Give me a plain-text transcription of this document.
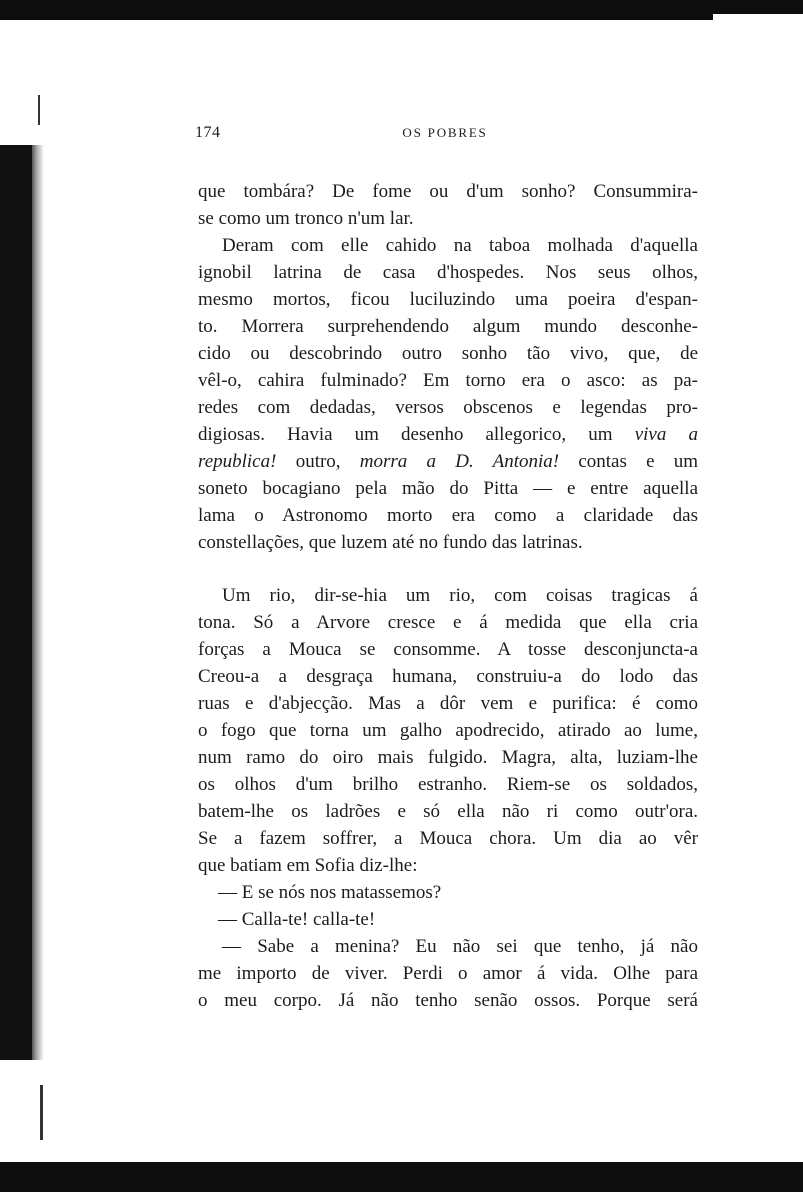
174	OS POBRES
que tombára? De fome ou d'um sonho? Consummira-
se como um tronco n'um lar.
Deram com elle cahido na taboa molhada d'aquella
ignobil latrina de casa d'hospedes. Nos seus olhos,
mesmo mortos, ficou luciluzindo uma poeira d'espan-
to. Morrera surprehendendo algum mundo desconhe-
cido ou descobrindo outro sonho tão vivo, que, de
vêl-o, cahira fulminado? Em torno era o asco: as pa-
redes com dedadas, versos obscenos e legendas pro-
digiosas. Havia um desenho allegorico, um viva a
republica! outro, morra a D. Antonia! contas e um
soneto bocagiano pela mão do Pitta — e entre aquella
lama o Astronomo morto era como a claridade das
constellações, que luzem até no fundo das latrinas.
Um rio, dir-se-hia um rio, com coisas tragicas á
tona. Só a Arvore cresce e á medida que ella cria
forças a Mouca se consomme. A tosse desconjuncta-a
Creou-a a desgraça humana, construiu-a do lodo das
ruas e d'abjecção. Mas a dôr vem e purifica: é como
o fogo que torna um galho apodrecido, atirado ao lume,
num ramo do oiro mais fulgido. Magra, alta, luziam-lhe
os olhos d'um brilho estranho. Riem-se os soldados,
batem-lhe os ladrões e só ella não ri como outr'ora.
Se a fazem soffrer, a Mouca chora. Um dia ao vêr
que batiam em Sofia diz-lhe:
— E se nós nos matassemos?
— Calla-te! calla-te!
— Sabe a menina? Eu não sei que tenho, já não
me importo de viver. Perdi o amor á vida. Olhe para
o meu corpo. Já não tenho senão ossos. Porque será
